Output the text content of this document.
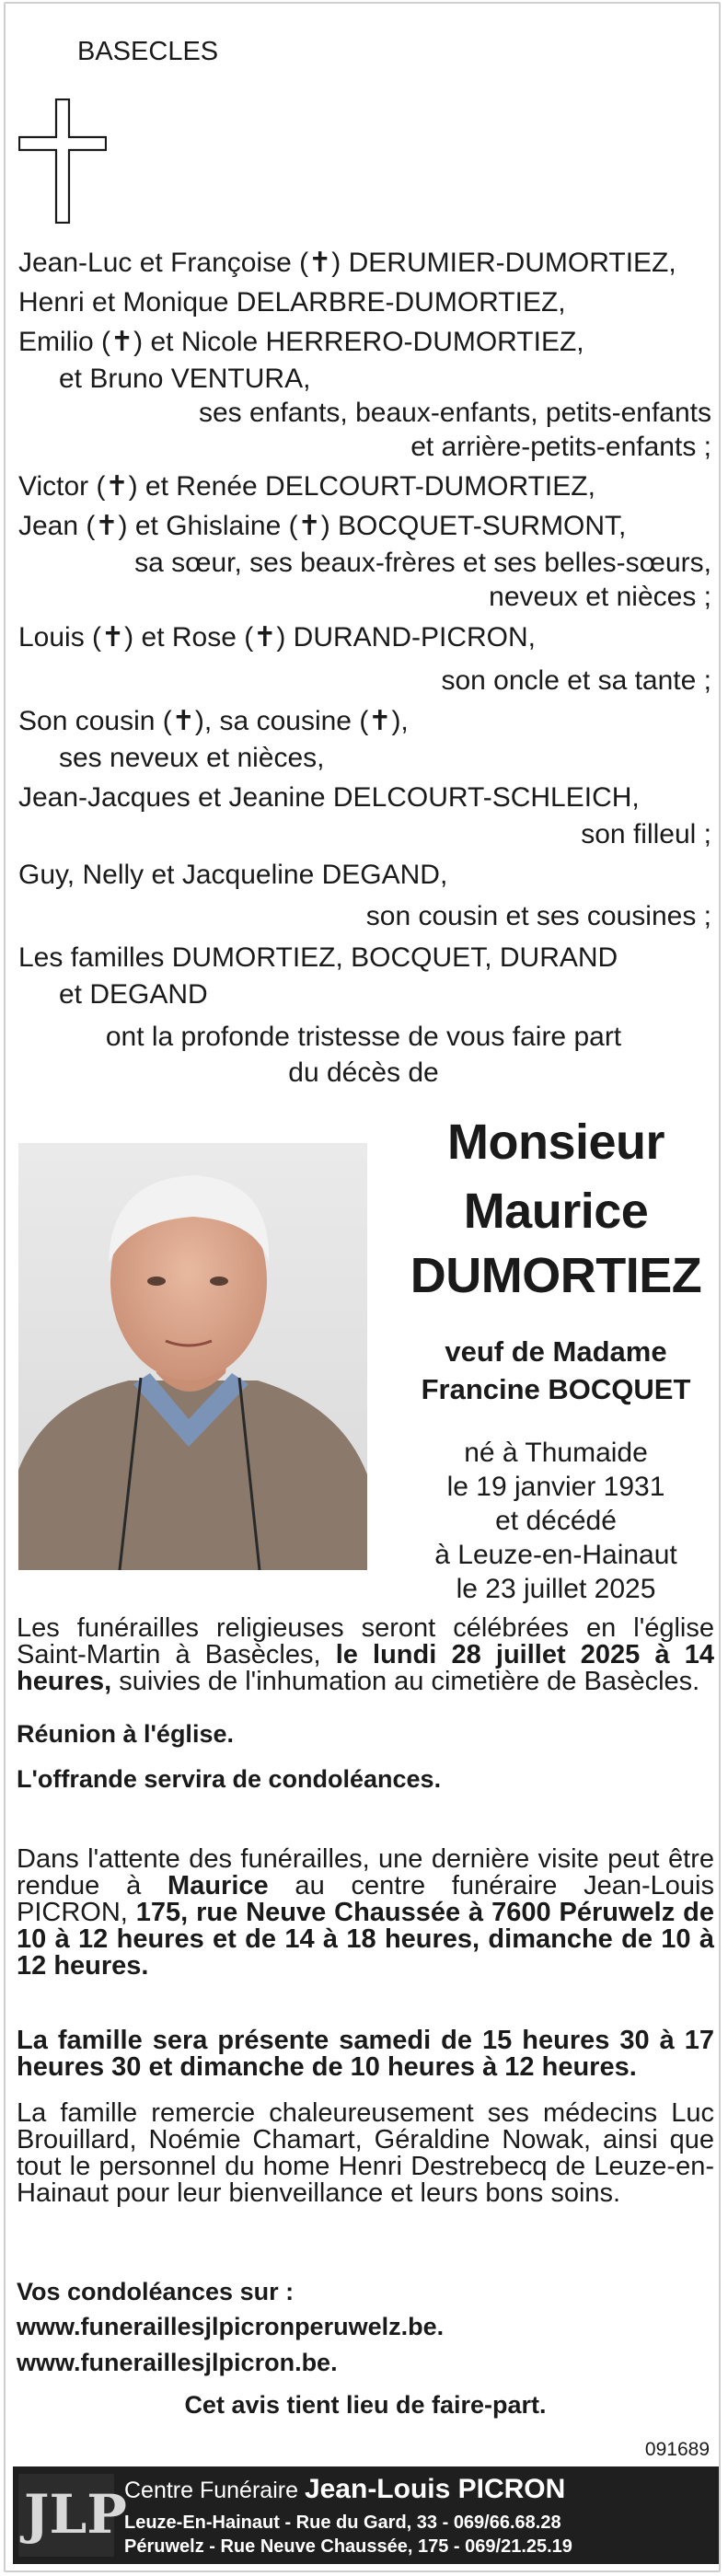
BASECLES
Jean-Luc et Françoise (✝) DERUMIER-DUMORTIEZ,
Henri et Monique DELARBRE-DUMORTIEZ,
Emilio (✝) et Nicole HERRERO-DUMORTIEZ,
et Bruno VENTURA,
ses enfants, beaux-enfants, petits-enfants
et arrière-petits-enfants ;
Victor (✝) et Renée DELCOURT-DUMORTIEZ,
Jean (✝) et Ghislaine (✝) BOCQUET-SURMONT,
sa sœur, ses beaux-frères et ses belles-sœurs,
neveux et nièces ;
Louis (✝) et Rose (✝) DURAND-PICRON,
son oncle et sa tante ;
Son cousin (✝), sa cousine (✝),
ses neveux et nièces,
Jean-Jacques et Jeanine DELCOURT-SCHLEICH,
son filleul ;
Guy, Nelly et Jacqueline DEGAND,
son cousin et ses cousines ;
Les familles DUMORTIEZ, BOCQUET, DURAND
et DEGAND
ont la profonde tristesse de vous faire part
du décès de
Monsieur
Maurice
DUMORTIEZ
veuf de Madame
Francine BOCQUET
né à Thumaide
le 19 janvier 1931
et décédé
à Leuze-en-Hainaut
le 23 juillet 2025
Les funérailles religieuses seront célébrées en l'église Saint-Martin à Basècles, le lundi 28 juillet 2025 à 14 heures, suivies de l'inhumation au cimetière de Basècles.
Réunion à l'église.
L'offrande servira de condoléances.
Dans l'attente des funérailles, une dernière visite peut être rendue à Maurice au centre funéraire Jean-Louis PICRON, 175, rue Neuve Chaussée à 7600 Péruwelz de 10 à 12 heures et de 14 à 18 heures, dimanche de 10 à 12 heures.
La famille sera présente samedi de 15 heures 30 à 17 heures 30 et dimanche de 10 heures à 12 heures.
La famille remercie chaleureusement ses médecins Luc Brouillard, Noémie Chamart, Géraldine Nowak, ainsi que tout le personnel du home Henri Destrebecq de Leuze-en-Hainaut pour leur bienveillance et leurs bons soins.
Vos condoléances sur :
www.funeraillesjlpicronperuwelz.be.
www.funeraillesjlpicron.be.
Cet avis tient lieu de faire-part.
091689
JLP
Centre Funéraire Jean-Louis PICRON
Leuze-En-Hainaut - Rue du Gard, 33 - 069/66.68.28
Péruwelz - Rue Neuve Chaussée, 175 - 069/21.25.19
